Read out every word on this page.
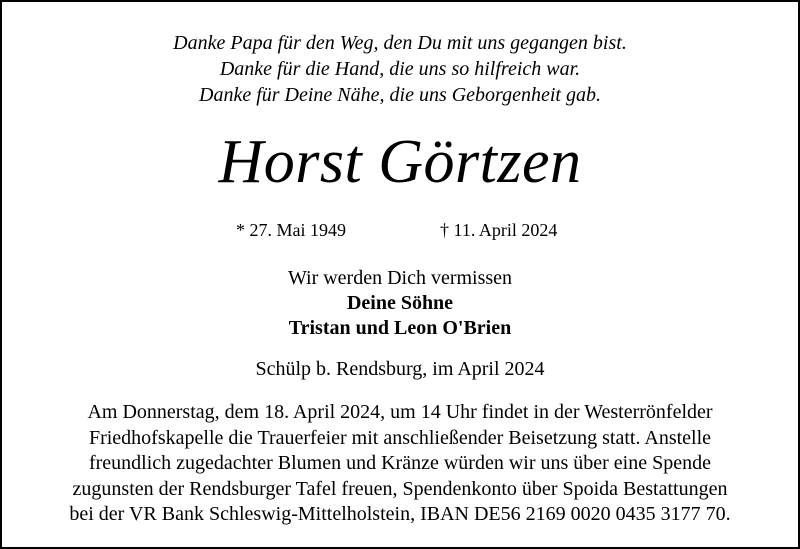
Danke Papa für den Weg, den Du mit uns gegangen bist.
Danke für die Hand, die uns so hilfreich war.
Danke für Deine Nähe, die uns Geborgenheit gab.
Horst Görtzen
* 27. Mai 1949	† 11. April 2024
Wir werden Dich vermissen
Deine Söhne
Tristan und Leon O'Brien
Schülp b. Rendsburg, im April 2024
Am Donnerstag, dem 18. April 2024, um 14 Uhr findet in der Westerrönfelder
Friedhofskapelle die Trauerfeier mit anschließender Beisetzung statt. Anstelle
freundlich zugedachter Blumen und Kränze würden wir uns über eine Spende
zugunsten der Rendsburger Tafel freuen, Spendenkonto über Spoida Bestattungen
bei der VR Bank Schleswig-Mittelholstein, IBAN DE56 2169 0020 0435 3177 70.
